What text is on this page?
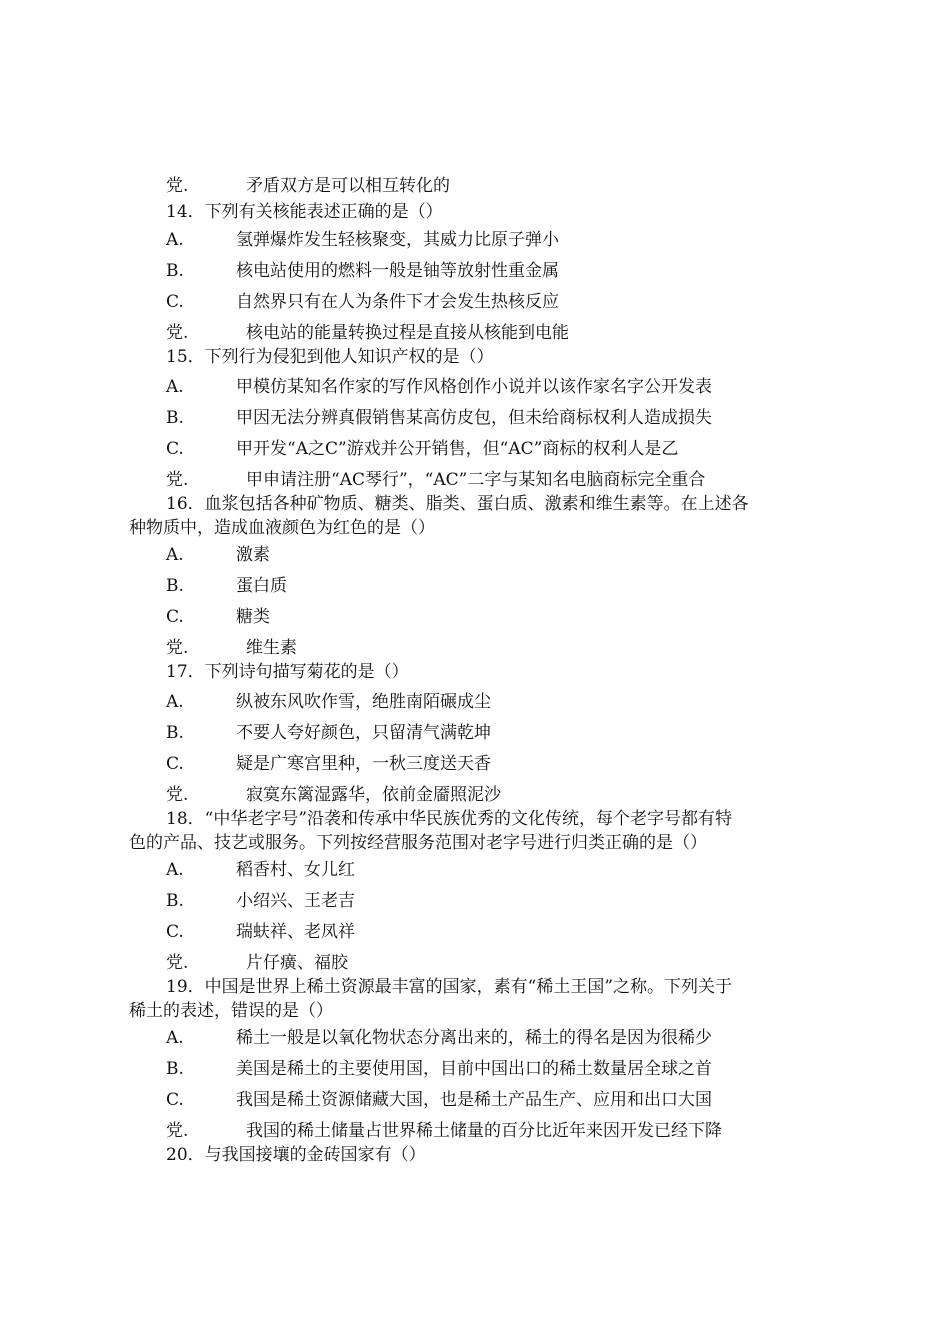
党.	矛盾双方是可以相互转化的
14．下列有关核能表述正确的是（）
A.	氢弹爆炸发生轻核聚变，其威力比原子弹小
B.	核电站使用的燃料一般是铀等放射性重金属
C.	自然界只有在人为条件下才会发生热核反应
党.	核电站的能量转换过程是直接从核能到电能
15．下列行为侵犯到他人知识产权的是（）
A.	甲模仿某知名作家的写作风格创作小说并以该作家名字公开发表
B.	甲因无法分辨真假销售某高仿皮包，但未给商标权利人造成损失
C.	甲开发“A之C”游戏并公开销售，但“AC”商标的权利人是乙
党.	甲申请注册“AC琴行”，“AC”二字与某知名电脑商标完全重合
16．血浆包括各种矿物质、糖类、脂类、蛋白质、激素和维生素等。在上述各
种物质中，造成血液颜色为红色的是（）
A.	激素
B.	蛋白质
C.	糖类
党.	维生素
17．下列诗句描写菊花的是（）
A.	纵被东风吹作雪，绝胜南陌碾成尘
B.	不要人夸好颜色，只留清气满乾坤
C.	疑是广寒宫里种，一秋三度送天香
党.	寂寞东篱湿露华，依前金靥照泥沙
18．“中华老字号”沿袭和传承中华民族优秀的文化传统，每个老字号都有特
色的产品、技艺或服务。下列按经营服务范围对老字号进行归类正确的是（）
A.	稻香村、女儿红
B.	小绍兴、王老吉
C.	瑞蚨祥、老凤祥
党.	片仔癀、福胶
19．中国是世界上稀土资源最丰富的国家，素有“稀土王国”之称。下列关于
稀土的表述，错误的是（）
A.	稀土一般是以氧化物状态分离出来的，稀土的得名是因为很稀少
B.	美国是稀土的主要使用国，目前中国出口的稀土数量居全球之首
C.	我国是稀土资源储藏大国，也是稀土产品生产、应用和出口大国
党.	我国的稀土储量占世界稀土储量的百分比近年来因开发已经下降
20．与我国接壤的金砖国家有（）
